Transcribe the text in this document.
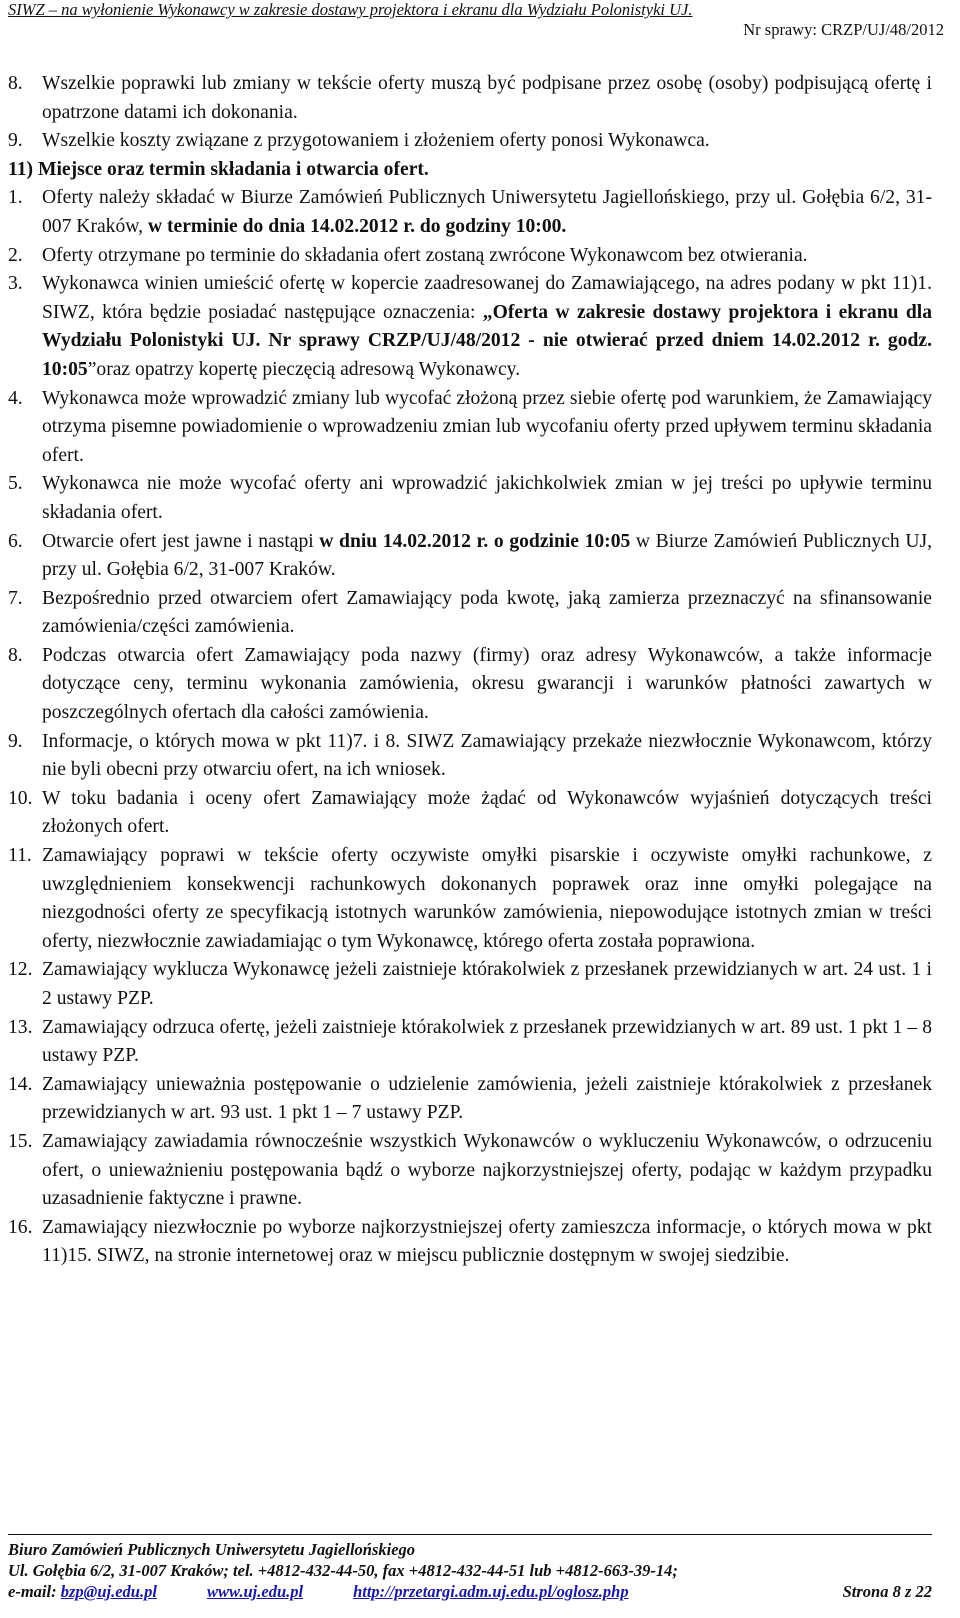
SIWZ – na wyłonienie Wykonawcy w zakresie dostawy projektora i ekranu dla Wydziału Polonistyki UJ.
Nr sprawy: CRZP/UJ/48/2012
8. Wszelkie poprawki lub zmiany w tekście oferty muszą być podpisane przez osobę (osoby) podpisującą ofertę i opatrzone datami ich dokonania.
9. Wszelkie koszty związane z przygotowaniem i złożeniem oferty ponosi Wykonawca.
11) Miejsce oraz termin składania i otwarcia ofert.
1. Oferty należy składać w Biurze Zamówień Publicznych Uniwersytetu Jagiellońskiego, przy ul. Gołębia 6/2, 31-007 Kraków, w terminie do dnia 14.02.2012 r. do godziny 10:00.
2. Oferty otrzymane po terminie do składania ofert zostaną zwrócone Wykonawcom bez otwierania.
3. Wykonawca winien umieścić ofertę w kopercie zaadresowanej do Zamawiającego, na adres podany w pkt 11)1. SIWZ, która będzie posiadać następujące oznaczenia: „Oferta w zakresie dostawy projektora i ekranu dla Wydziału Polonistyki UJ. Nr sprawy CRZP/UJ/48/2012 - nie otwierać przed dniem 14.02.2012 r. godz. 10:05”oraz opatrzy kopertę pieczęcią adresową Wykonawcy.
4. Wykonawca może wprowadzić zmiany lub wycofać złożoną przez siebie ofertę pod warunkiem, że Zamawiający otrzyma pisemne powiadomienie o wprowadzeniu zmian lub wycofaniu oferty przed upływem terminu składania ofert.
5. Wykonawca nie może wycofać oferty ani wprowadzić jakichkolwiek zmian w jej treści po upływie terminu składania ofert.
6. Otwarcie ofert jest jawne i nastąpi w dniu 14.02.2012 r. o godzinie 10:05 w Biurze Zamówień Publicznych UJ, przy ul. Gołębia 6/2, 31-007 Kraków.
7. Bezpośrednio przed otwarciem ofert Zamawiający poda kwotę, jaką zamierza przeznaczyć na sfinansowanie zamówienia/części zamówienia.
8. Podczas otwarcia ofert Zamawiający poda nazwy (firmy) oraz adresy Wykonawców, a także informacje dotyczące ceny, terminu wykonania zamówienia, okresu gwarancji i warunków płatności zawartych w poszczególnych ofertach dla całości zamówienia.
9. Informacje, o których mowa w pkt 11)7. i 8. SIWZ Zamawiający przekaże niezwłocznie Wykonawcom, którzy nie byli obecni przy otwarciu ofert, na ich wniosek.
10. W toku badania i oceny ofert Zamawiający może żądać od Wykonawców wyjaśnień dotyczących treści złożonych ofert.
11. Zamawiający poprawi w tekście oferty oczywiste omyłki pisarskie i oczywiste omyłki rachunkowe, z uwzględnieniem konsekwencji rachunkowych dokonanych poprawek oraz inne omyłki polegające na niezgodności oferty ze specyfikacją istotnych warunków zamówienia, niepowodujące istotnych zmian w treści oferty, niezwłocznie zawiadamiając o tym Wykonawcę, którego oferta została poprawiona.
12. Zamawiający wyklucza Wykonawcę jeżeli zaistnieje którakolwiek z przesłanek przewidzianych w art. 24 ust. 1 i 2 ustawy PZP.
13. Zamawiający odrzuca ofertę, jeżeli zaistnieje którakolwiek z przesłanek przewidzianych w art. 89 ust. 1 pkt 1 – 8 ustawy PZP.
14. Zamawiający unieważnia postępowanie o udzielenie zamówienia, jeżeli zaistnieje którakolwiek z przesłanek przewidzianych w art. 93 ust. 1 pkt 1 – 7 ustawy PZP.
15. Zamawiający zawiadamia równocześnie wszystkich Wykonawców o wykluczeniu Wykonawców, o odrzuceniu ofert, o unieważnieniu postępowania bądź o wyborze najkorzystniejszej oferty, podając w każdym przypadku uzasadnienie faktyczne i prawne.
16. Zamawiający niezwłocznie po wyborze najkorzystniejszej oferty zamieszcza informacje, o których mowa w pkt 11)15. SIWZ, na stronie internetowej oraz w miejscu publicznie dostępnym w swojej siedzibie.
Biuro Zamówień Publicznych Uniwersytetu Jagiellońskiego
Ul. Gołębia 6/2, 31-007 Kraków; tel. +4812-432-44-50, fax +4812-432-44-51 lub +4812-663-39-14;
e-mail: bzp@uj.edu.pl	www.uj.edu.pl	http://przetargi.adm.uj.edu.pl/oglosz.php	Strona 8 z 22
